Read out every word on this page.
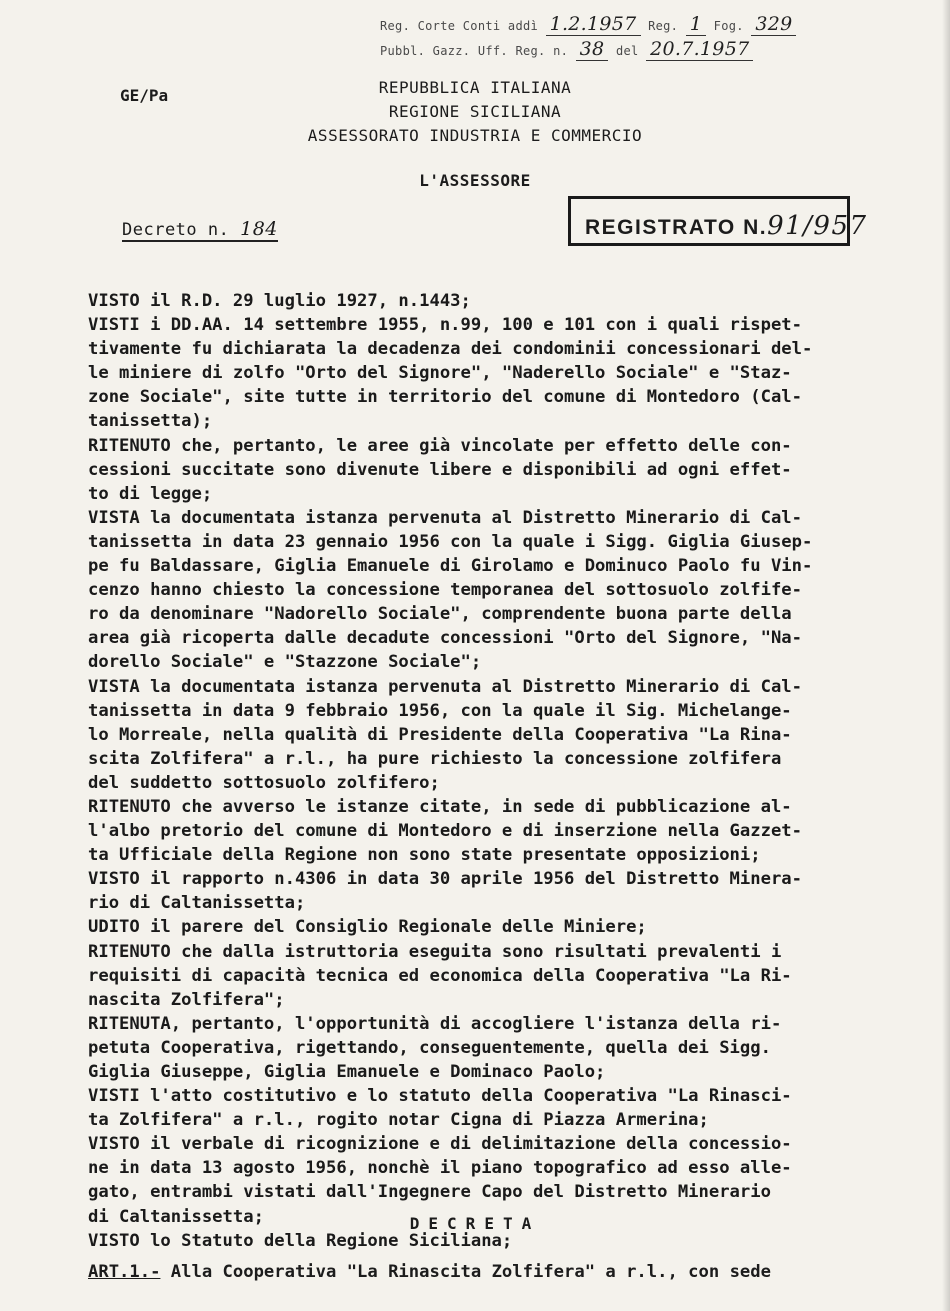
Reg. Corte Conti addì 1.2.1957 Reg. 1 Fog. 329
Pubbl. Gazz. Uff. Reg. n. 38 del 20.7.1957
GE/Pa	REPUBBLICA ITALIANA
REGIONE SICILIANA
ASSESSORATO INDUSTRIA E COMMERCIO
L'ASSESSORE
Decreto n. 184	REGISTRATO N.91/957
VISTO il R.D. 29 luglio 1927, n.1443;
VISTI i DD.AA. 14 settembre 1955, n.99, 100 e 101 con i quali rispet-
tivamente fu dichiarata la decadenza dei condominii concessionari del-
le miniere di zolfo "Orto del Signore", "Naderello Sociale" e "Staz-
zone Sociale", site tutte in territorio del comune di Montedoro (Cal-
tanissetta);
RITENUTO che, pertanto, le aree già vincolate per effetto delle con-
cessioni succitate sono divenute libere e disponibili ad ogni effet-
to di legge;
VISTA la documentata istanza pervenuta al Distretto Minerario di Cal-
tanissetta in data 23 gennaio 1956 con la quale i Sigg. Giglia Giusep-
pe fu Baldassare, Giglia Emanuele di Girolamo e Dominuco Paolo fu Vin-
cenzo hanno chiesto la concessione temporanea del sottosuolo zolfife-
ro da denominare "Nadorello Sociale", comprendente buona parte della
area già ricoperta dalle decadute concessioni "Orto del Signore, "Na-
dorello Sociale" e "Stazzone Sociale";
VISTA la documentata istanza pervenuta al Distretto Minerario di Cal-
tanissetta in data 9 febbraio 1956, con la quale il Sig. Michelange-
lo Morreale, nella qualità di Presidente della Cooperativa "La Rina-
scita Zolfifera" a r.l., ha pure richiesto la concessione zolfifera
del suddetto sottosuolo zolfifero;
RITENUTO che avverso le istanze citate, in sede di pubblicazione al-
l'albo pretorio del comune di Montedoro e di inserzione nella Gazzet-
ta Ufficiale della Regione non sono state presentate opposizioni;
VISTO il rapporto n.4306 in data 30 aprile 1956 del Distretto Minera-
rio di Caltanissetta;
UDITO il parere del Consiglio Regionale delle Miniere;
RITENUTO che dalla istruttoria eseguita sono risultati prevalenti i
requisiti di capacità tecnica ed economica della Cooperativa "La Ri-
nascita Zolfifera";
RITENUTA, pertanto, l'opportunità di accogliere l'istanza della ri-
petuta Cooperativa, rigettando, conseguentemente, quella dei Sigg.
Giglia Giuseppe, Giglia Emanuele e Dominaco Paolo;
VISTI l'atto costitutivo e lo statuto della Cooperativa "La Rinasci-
ta Zolfifera" a r.l., rogito notar Cigna di Piazza Armerina;
VISTO il verbale di ricognizione e di delimitazione della concessio-
ne in data 13 agosto 1956, nonchè il piano topografico ad esso alle-
gato, entrambi vistati dall'Ingegnere Capo del Distretto Minerario
di Caltanissetta;
VISTO lo Statuto della Regione Siciliana;
DECRETA
ART.1.- Alla Cooperativa "La Rinascita Zolfifera" a r.l., con sede
